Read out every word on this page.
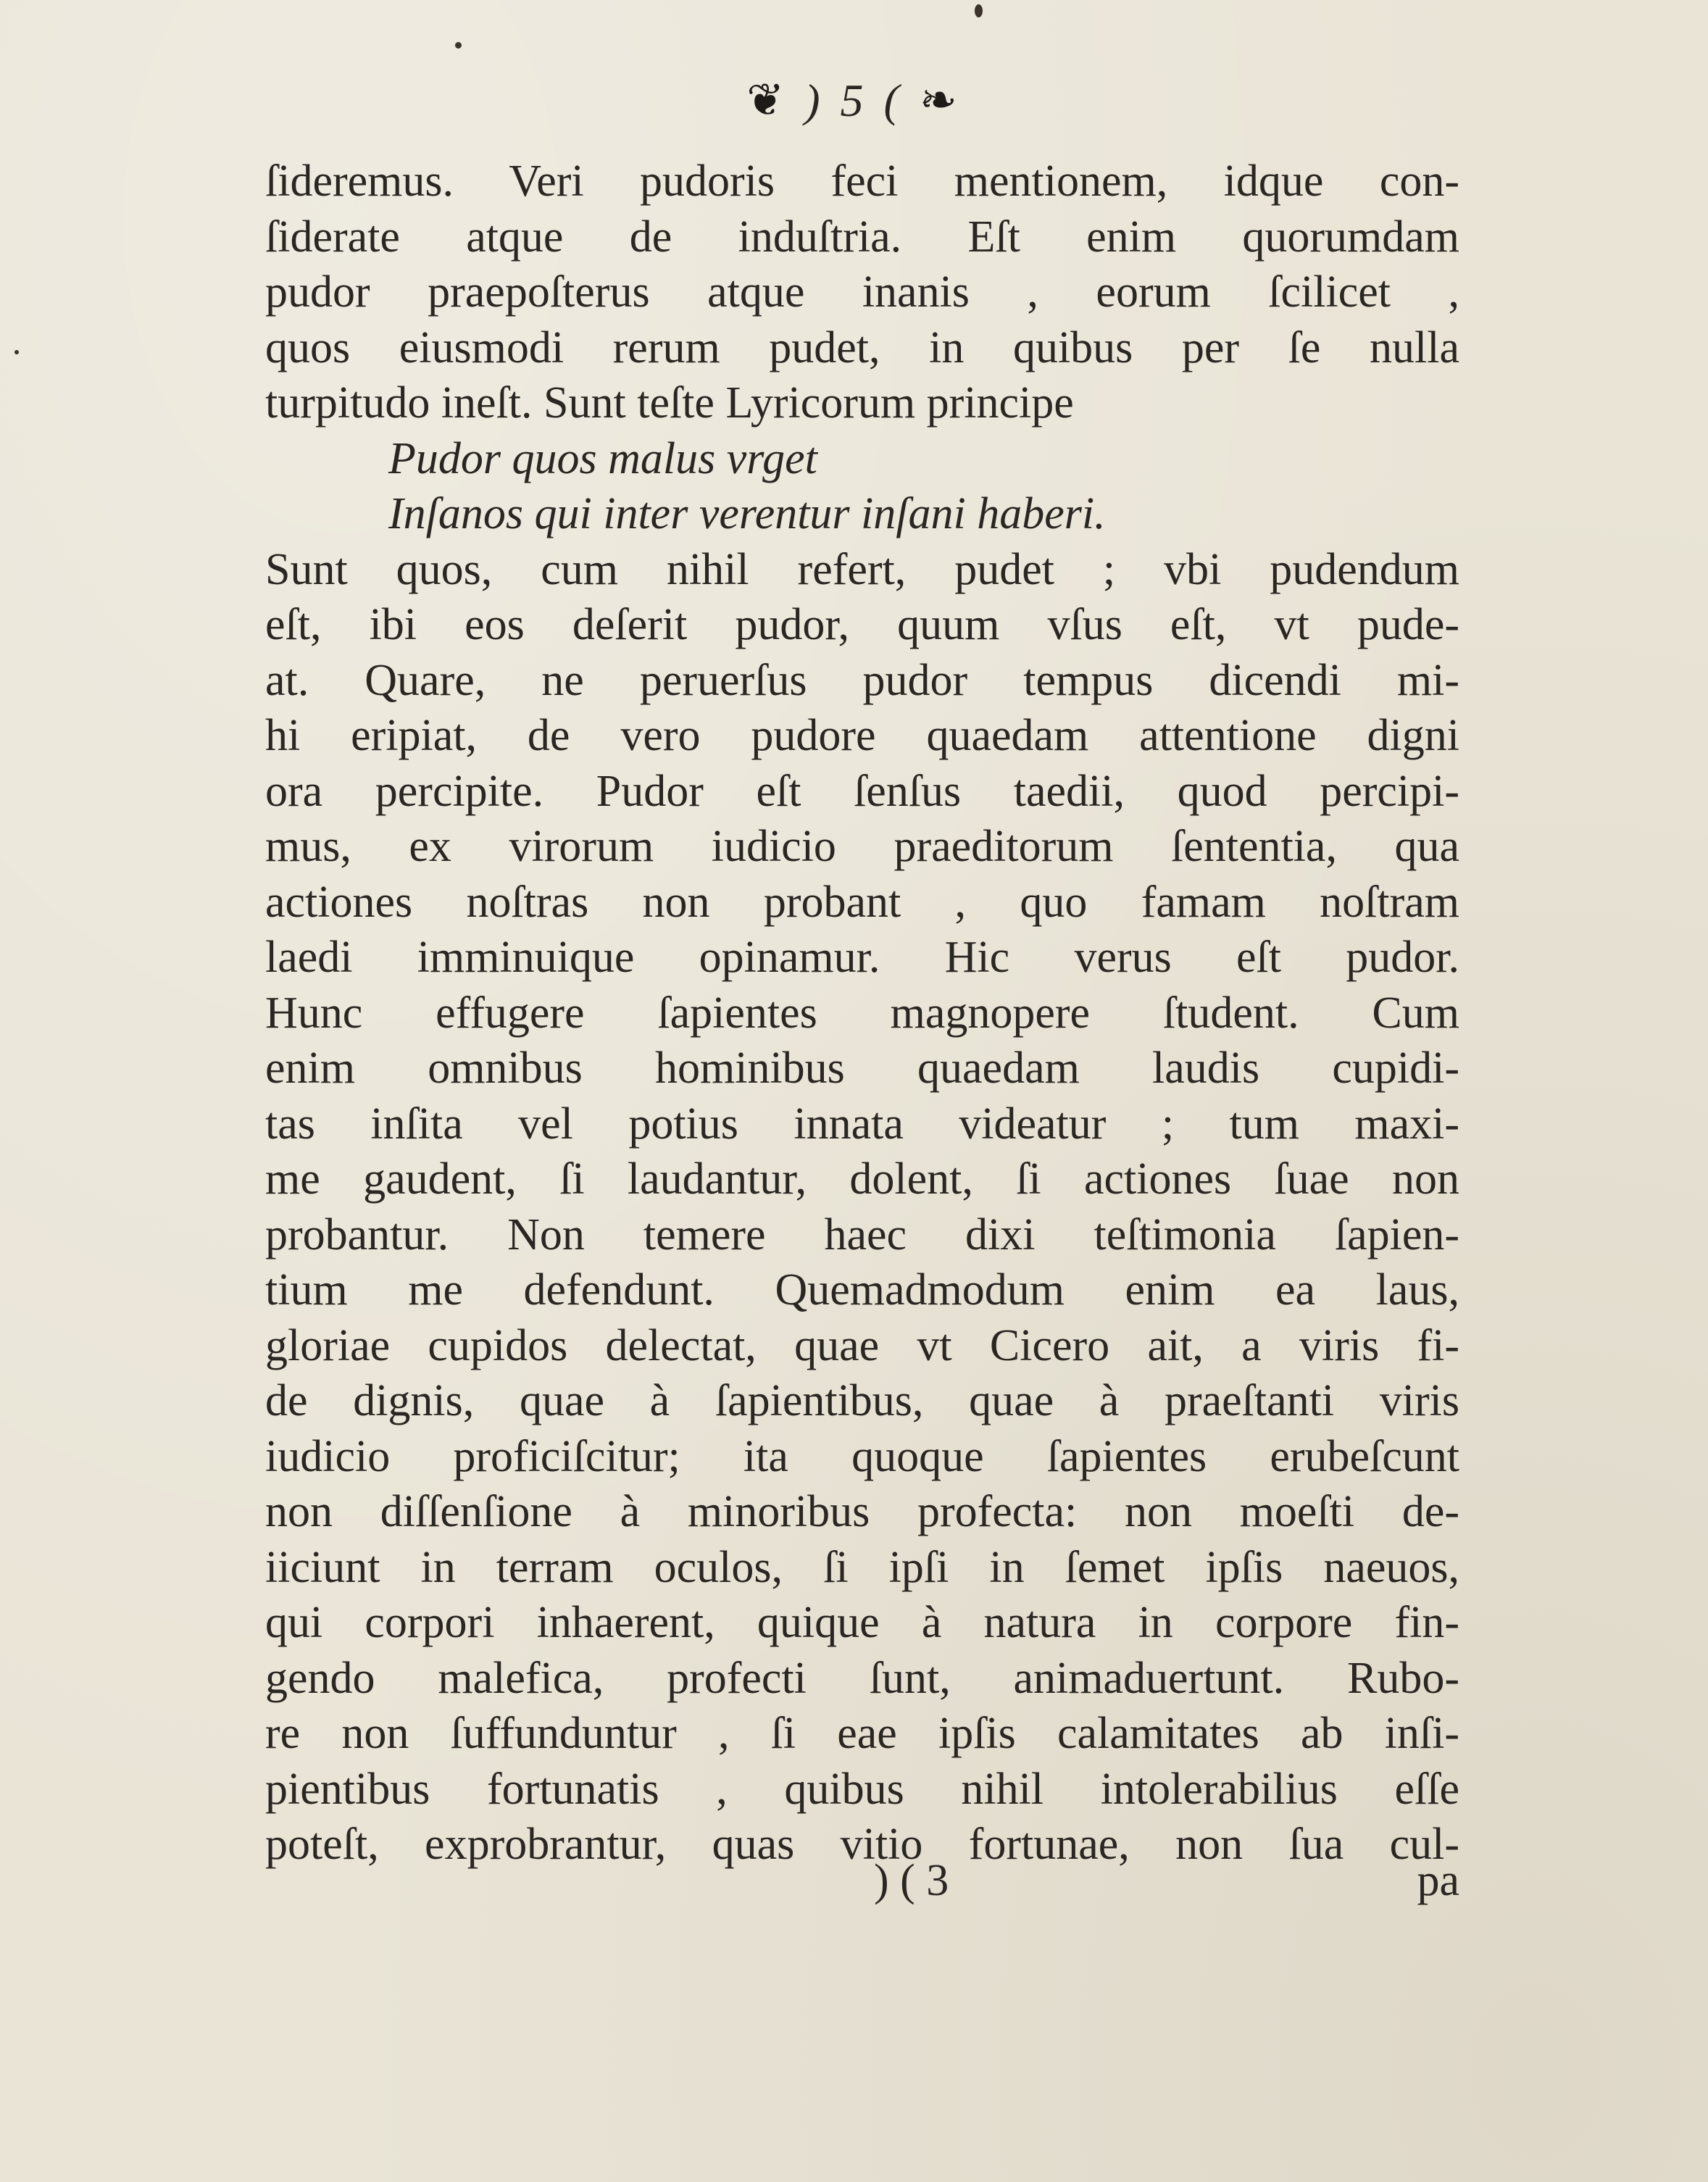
❦ ) 5 ( ❧
ſideremus. Veri pudoris feci mentionem, idque con-
ſiderate atque de induſtria. Eſt enim quorumdam
pudor praepoſterus atque inanis , eorum ſcilicet ,
quos eiusmodi rerum pudet, in quibus per ſe nulla
turpitudo ineſt. Sunt teſte Lyricorum principe
Pudor quos malus vrget
Inſanos qui inter verentur inſani haberi.
Sunt quos, cum nihil refert, pudet ; vbi pudendum
eſt, ibi eos deſerit pudor, quum vſus eſt, vt pude-
at. Quare, ne peruerſus pudor tempus dicendi mi-
hi eripiat, de vero pudore quaedam attentione digni
ora percipite. Pudor eſt ſenſus taedii, quod percipi-
mus, ex virorum iudicio praeditorum ſententia, qua
actiones noſtras non probant , quo famam noſtram
laedi imminuique opinamur. Hic verus eſt pudor.
Hunc effugere ſapientes magnopere ſtudent. Cum
enim omnibus hominibus quaedam laudis cupidi-
tas inſita vel potius innata videatur ; tum maxi-
me gaudent, ſi laudantur, dolent, ſi actiones ſuae non
probantur. Non temere haec dixi teſtimonia ſapien-
tium me defendunt. Quemadmodum enim ea laus,
gloriae cupidos delectat, quae vt Cicero ait, a viris fi-
de dignis, quae à ſapientibus, quae à praeſtanti viris
iudicio proficiſcitur; ita quoque ſapientes erubeſcunt
non diſſenſione à minoribus profecta: non moeſti de-
iiciunt in terram oculos, ſi ipſi in ſemet ipſis naeuos,
qui corpori inhaerent, quique à natura in corpore fin-
gendo malefica, profecti ſunt, animaduertunt. Rubo-
re non ſuffunduntur , ſi eae ipſis calamitates ab inſi-
pientibus fortunatis , quibus nihil intolerabilius eſſe
poteſt, exprobrantur, quas vitio fortunae, non ſua cul-
) ( 3	pa
